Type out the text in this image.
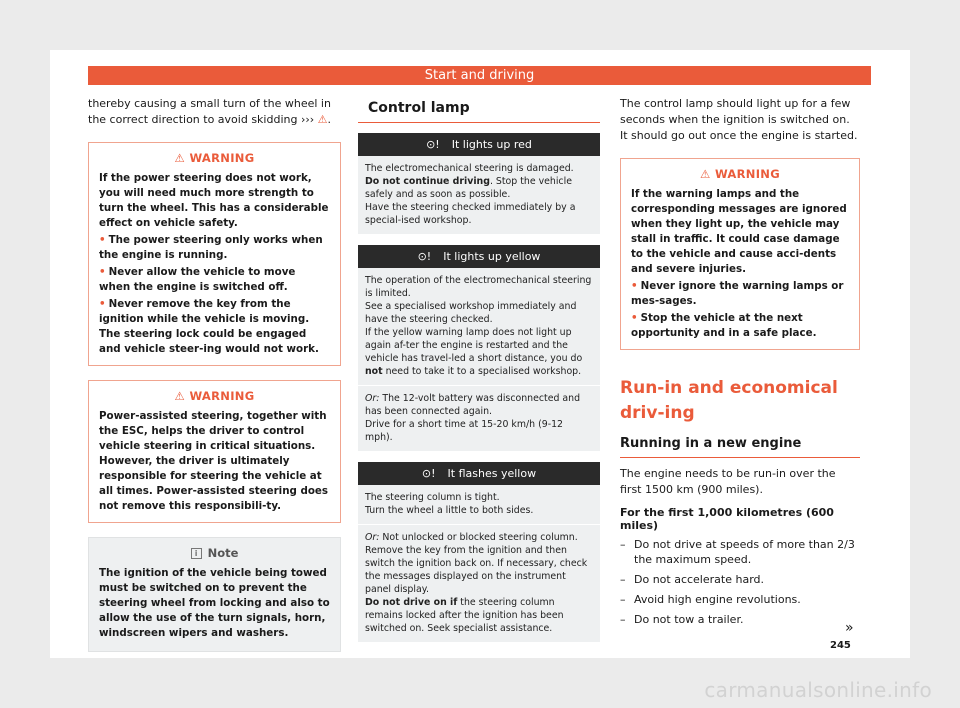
Start and driving

thereby causing a small turn of the wheel in the correct direction to avoid skidding ››› ⚠.

⚠ WARNING

If the power steering does not work, you will need much more strength to turn the wheel. This has a considerable effect on vehicle safety.

• The power steering only works when the engine is running.
• Never allow the vehicle to move when the engine is switched off.
• Never remove the key from the ignition while the vehicle is moving. The steering lock could be engaged and vehicle steer-ing would not work.
⚠ WARNING

Power-assisted steering, together with the ESC, helps the driver to control vehicle steering in critical situations. However, the driver is ultimately responsible for steering the vehicle at all times. Power-assisted steering does not remove this responsibili-ty.

i Note

The ignition of the vehicle being towed must be switched on to prevent the steering wheel from locking and also to allow the use of the turn signals, horn, windscreen wipers and washers.

Control lamp
⊙! It lights up red
The electromechanical steering is damaged.
Do not continue driving. Stop the vehicle safely and as soon as possible.
Have the steering checked immediately by a special-ised workshop.
⊙! It lights up yellow
The operation of the electromechanical steering is limited.
See a specialised workshop immediately and have the steering checked.
If the yellow warning lamp does not light up again af-ter the engine is restarted and the vehicle has travel-led a short distance, you do not need to take it to a specialised workshop.
Or: The 12-volt battery was disconnected and has been connected again.
Drive for a short time at 15-20 km/h (9-12 mph).
⊙! It flashes yellow
The steering column is tight.
Turn the wheel a little to both sides.
Or: Not unlocked or blocked steering column.
Remove the key from the ignition and then switch the ignition back on. If necessary, check the messages displayed on the instrument panel display.
Do not drive on if the steering column remains locked after the ignition has been switched on. Seek specialist assistance.

The control lamp should light up for a few seconds when the ignition is switched on. It should go out once the engine is started.

⚠ WARNING

If the warning lamps and the corresponding messages are ignored when they light up, the vehicle may stall in traffic. It could case damage to the vehicle and cause acci-dents and severe injuries.

• Never ignore the warning lamps or mes-sages.
• Stop the vehicle at the next opportunity and in a safe place.
Run-in and economical driv-ing
Running in a new engine

The engine needs to be run-in over the first 1500 km (900 miles).

For the first 1,000 kilometres (600 miles)
– Do not drive at speeds of more than 2/3 the maximum speed.
– Do not accelerate hard.
– Avoid high engine revolutions.
– Do not tow a trailer.
»
245
carmanualsonline.info
